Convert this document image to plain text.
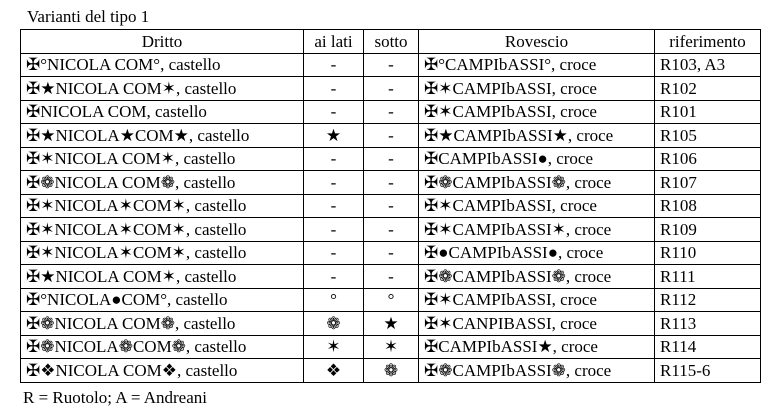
Varianti del tipo 1
Dritto	ai lati	sotto	Rovescio	riferimento
✠°NICOLA COM°, castello	-	-	✠°CAMPIbASSI°, croce	R103, A3
✠★NICOLA COM✶, castello	-	-	✠✶CAMPIbASSI, croce	R102
✠NICOLA COM, castello	-	-	✠✶CAMPIbASSI, croce	R101
✠★NICOLA★COM★, castello	★	-	✠★CAMPIbASSI★, croce	R105
✠✶NICOLA COM✶, castello	-	-	✠CAMPIbASSI●, croce	R106
✠❁NICOLA COM❁, castello	-	-	✠❁CAMPIbASSI❁, croce	R107
✠✶NICOLA✶COM✶, castello	-	-	✠✶CAMPIbASSI, croce	R108
✠✶NICOLA✶COM✶, castello	-	-	✠✶CAMPIbASSI✶, croce	R109
✠✶NICOLA✶COM✶, castello	-	-	✠●CAMPIbASSI●, croce	R110
✠★NICOLA COM✶, castello	-	-	✠❁CAMPIbASSI❁, croce	R111
✠°NICOLA●COM°, castello	°	°	✠✶CAMPIbASSI, croce	R112
✠❁NICOLA COM❁, castello	❁	★	✠✶CANPIBASSI, croce	R113
✠❁NICOLA❁COM❁, castello	✶	✶	✠CAMPIbASSI★, croce	R114
✠❖NICOLA COM❖, castello	❖	❁	✠❁CAMPIbASSI❁, croce	R115-6
R = Ruotolo; A = Andreani
